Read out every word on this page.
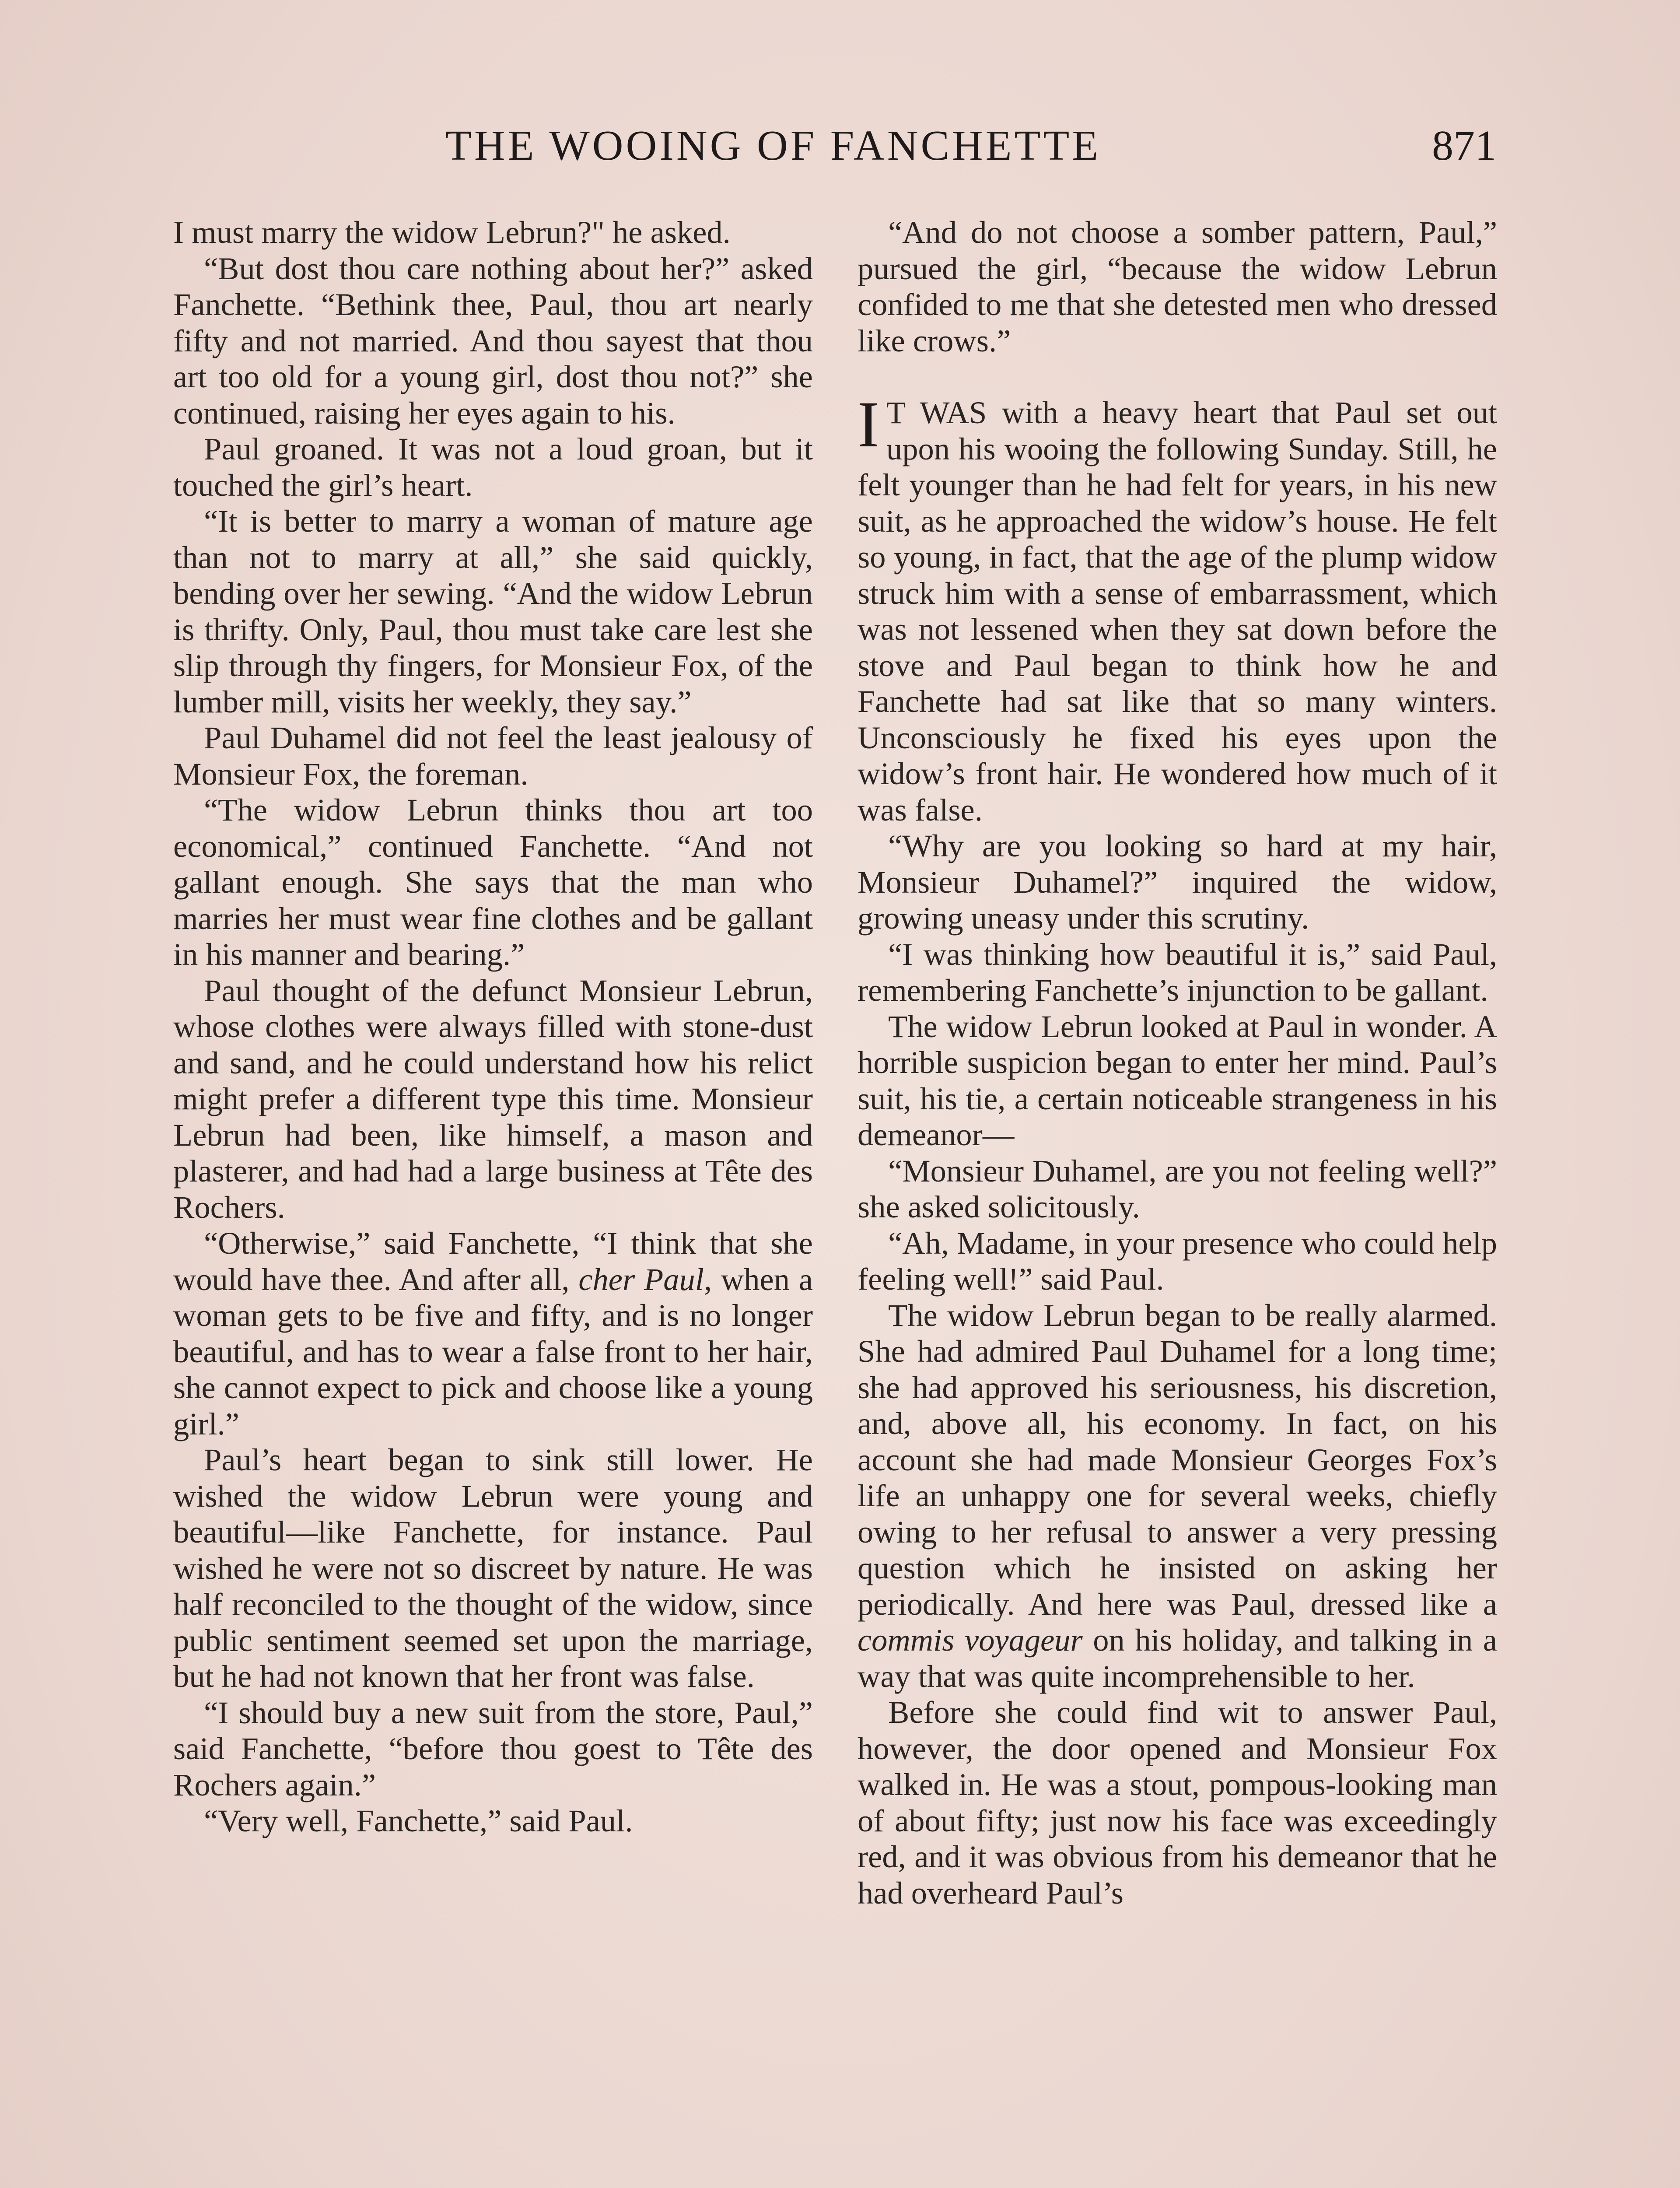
THE WOOING OF FANCHETTE	871

I must marry the widow Lebrun?" he asked.

“But dost thou care nothing about her?” asked Fanchette. “Bethink thee, Paul, thou art nearly fifty and not married. And thou sayest that thou art too old for a young girl, dost thou not?” she continued, raising her eyes again to his.

Paul groaned. It was not a loud groan, but it touched the girl’s heart.

“It is better to marry a woman of mature age than not to marry at all,” she said quickly, bending over her sewing. “And the widow Lebrun is thrifty. Only, Paul, thou must take care lest she slip through thy fingers, for Monsieur Fox, of the lumber mill, visits her weekly, they say.”

Paul Duhamel did not feel the least jealousy of Monsieur Fox, the foreman.

“The widow Lebrun thinks thou art too economical,” continued Fanchette. “And not gallant enough. She says that the man who marries her must wear fine clothes and be gallant in his manner and bearing.”

Paul thought of the defunct Monsieur Lebrun, whose clothes were always filled with stone-dust and sand, and he could understand how his relict might prefer a different type this time. Monsieur Lebrun had been, like himself, a mason and plasterer, and had had a large business at Tête des Rochers.

“Otherwise,” said Fanchette, “I think that she would have thee. And after all, cher Paul, when a woman gets to be five and fifty, and is no longer beautiful, and has to wear a false front to her hair, she cannot expect to pick and choose like a young girl.”

Paul’s heart began to sink still lower. He wished the widow Lebrun were young and beautiful—like Fanchette, for instance. Paul wished he were not so discreet by nature. He was half reconciled to the thought of the widow, since public sentiment seemed set upon the marriage, but he had not known that her front was false.

“I should buy a new suit from the store, Paul,” said Fanchette, “before thou goest to Tête des Rochers again.”

“Very well, Fanchette,” said Paul.

“And do not choose a somber pattern, Paul,” pursued the girl, “because the widow Lebrun confided to me that she detested men who dressed like crows.”

I T WAS with a heavy heart that Paul set out upon his wooing the following Sunday. Still, he felt younger than he had felt for years, in his new suit, as he approached the widow’s house. He felt so young, in fact, that the age of the plump widow struck him with a sense of embarrassment, which was not lessened when they sat down before the stove and Paul began to think how he and Fanchette had sat like that so many winters. Unconsciously he fixed his eyes upon the widow’s front hair. He wondered how much of it was false.

“Why are you looking so hard at my hair, Monsieur Duhamel?” inquired the widow, growing uneasy under this scrutiny.

“I was thinking how beautiful it is,” said Paul, remembering Fanchette’s injunction to be gallant.

The widow Lebrun looked at Paul in wonder. A horrible suspicion began to enter her mind. Paul’s suit, his tie, a certain noticeable strangeness in his demeanor—

“Monsieur Duhamel, are you not feeling well?” she asked solicitously.

“Ah, Madame, in your presence who could help feeling well!” said Paul.

The widow Lebrun began to be really alarmed. She had admired Paul Duhamel for a long time; she had approved his seriousness, his discretion, and, above all, his economy. In fact, on his account she had made Monsieur Georges Fox’s life an unhappy one for several weeks, chiefly owing to her refusal to answer a very pressing question which he insisted on asking her periodically. And here was Paul, dressed like a commis voyageur on his holiday, and talking in a way that was quite incomprehensible to her.

Before she could find wit to answer Paul, however, the door opened and Monsieur Fox walked in. He was a stout, pompous-looking man of about fifty; just now his face was exceedingly red, and it was obvious from his demeanor that he had overheard Paul’s
